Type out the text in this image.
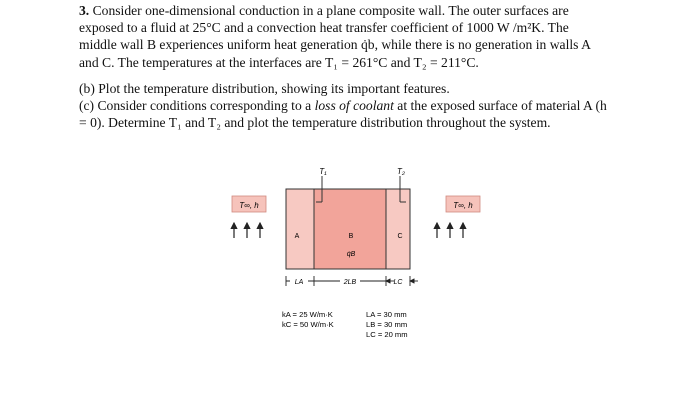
3. Consider one-dimensional conduction in a plane composite wall. The outer surfaces are
exposed to a fluid at 25°C and a convection heat transfer coefficient of 1000 W /m²K. The
middle wall B experiences uniform heat generation q̇b, while there is no generation in walls A
and C. The temperatures at the interfaces are T₁ = 261°C and T₂ = 211°C.

(b) Plot the temperature distribution, showing its important features.
(c) Consider conditions corresponding to a loss of coolant at the exposed surface of material A (h
= 0). Determine T₁ and T₂ and plot the temperature distribution throughout the system.

T∞, h
T₁	T₂
A	B
q̇B
C
T∞, h
LA	2LB	LC
kA = 25 W/m·K
kC = 50 W/m·K
LA = 30 mm
LB = 30 mm
LC = 20 mm
